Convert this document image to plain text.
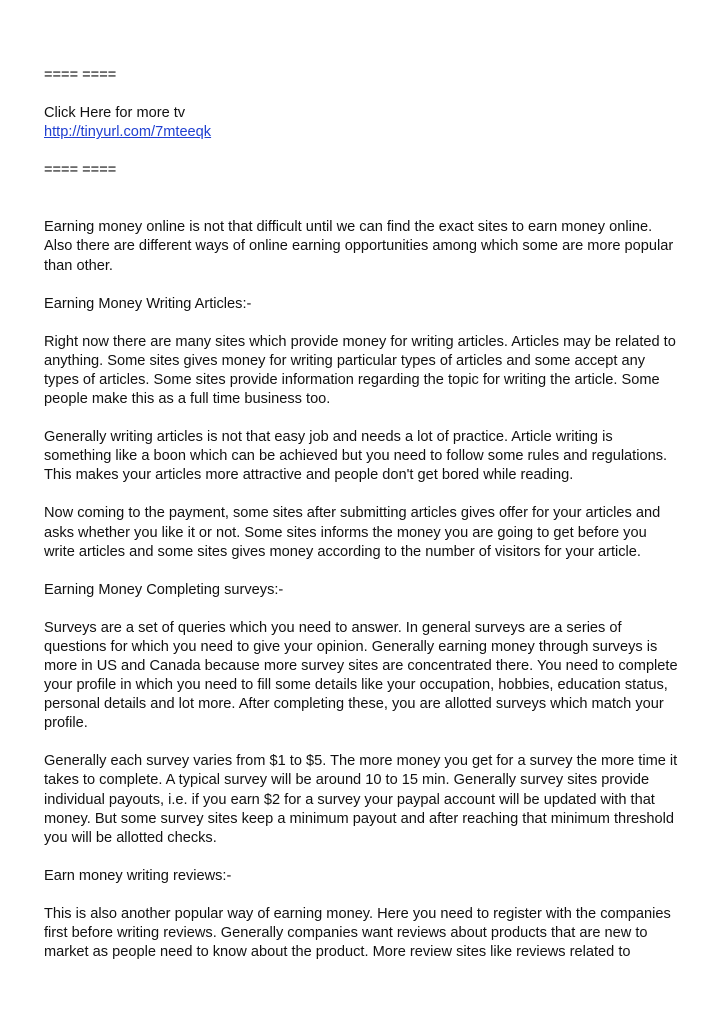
==== ====

Click Here for more tv

http://tinyurl.com/7mteeqk

==== ====

Earning money online is not that difficult until we can find the exact sites to earn money online.

Also there are different ways of online earning opportunities among which some are more popular

than other.

Earning Money Writing Articles:-

Right now there are many sites which provide money for writing articles. Articles may be related to

anything. Some sites gives money for writing particular types of articles and some accept any

types of articles. Some sites provide information regarding the topic for writing the article. Some

people make this as a full time business too.

Generally writing articles is not that easy job and needs a lot of practice. Article writing is

something like a boon which can be achieved but you need to follow some rules and regulations.

This makes your articles more attractive and people don't get bored while reading.

Now coming to the payment, some sites after submitting articles gives offer for your articles and

asks whether you like it or not. Some sites informs the money you are going to get before you

write articles and some sites gives money according to the number of visitors for your article.

Earning Money Completing surveys:-

Surveys are a set of queries which you need to answer. In general surveys are a series of

questions for which you need to give your opinion. Generally earning money through surveys is

more in US and Canada because more survey sites are concentrated there. You need to complete

your profile in which you need to fill some details like your occupation, hobbies, education status,

personal details and lot more. After completing these, you are allotted surveys which match your

profile.

Generally each survey varies from $1 to $5. The more money you get for a survey the more time it

takes to complete. A typical survey will be around 10 to 15 min. Generally survey sites provide

individual payouts, i.e. if you earn $2 for a survey your paypal account will be updated with that

money. But some survey sites keep a minimum payout and after reaching that minimum threshold

you will be allotted checks.

Earn money writing reviews:-

This is also another popular way of earning money. Here you need to register with the companies

first before writing reviews. Generally companies want reviews about products that are new to

market as people need to know about the product. More review sites like reviews related to
